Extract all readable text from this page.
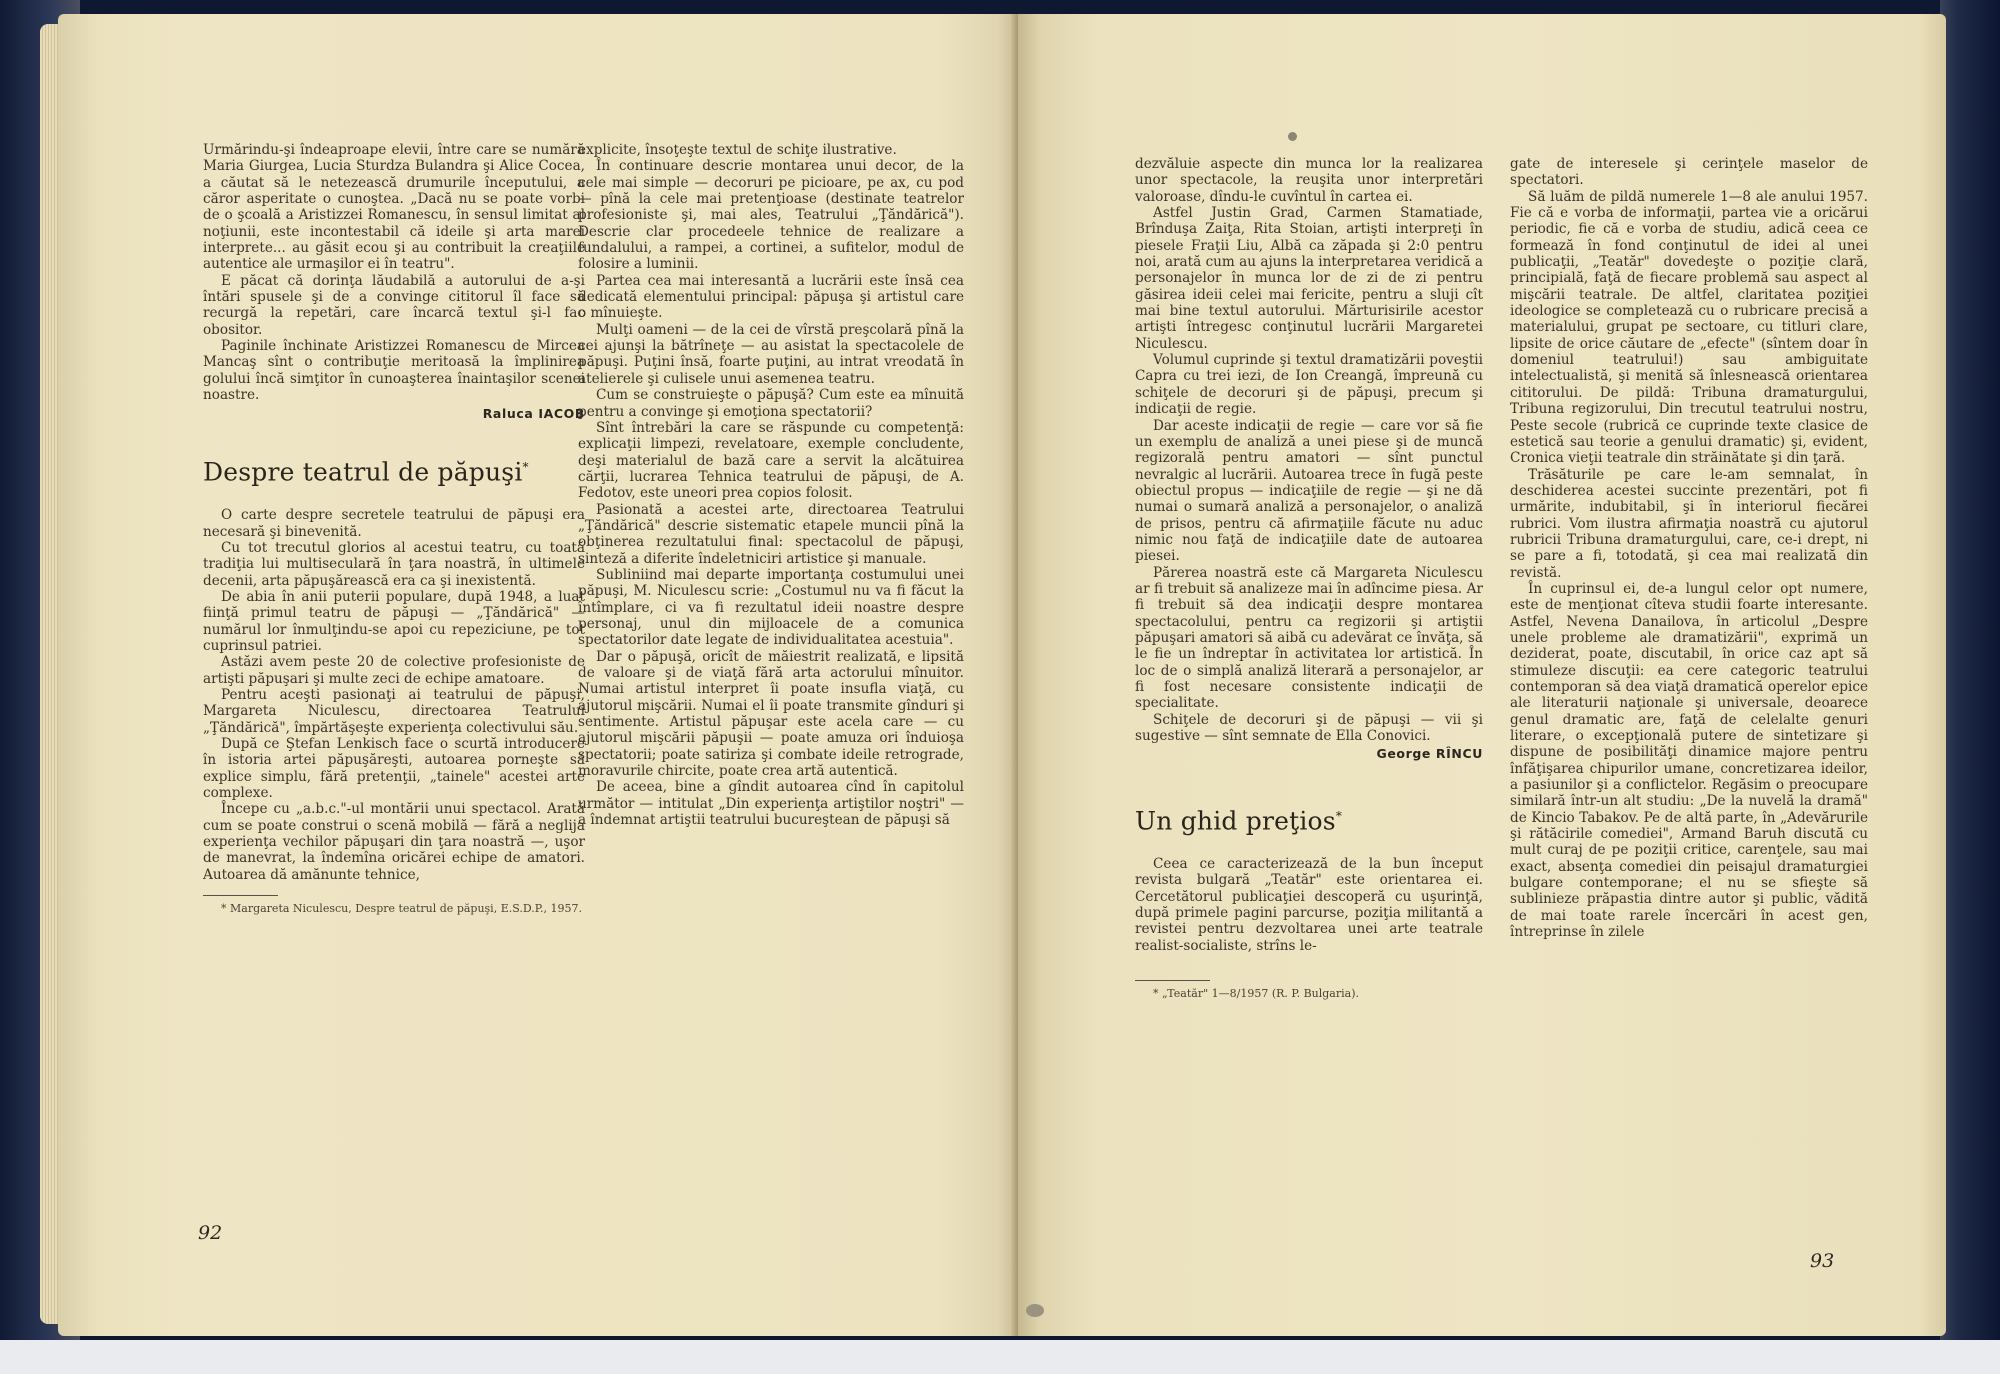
Urmărindu-şi îndeaproape elevii, între care se numără Maria Giurgea, Lucia Sturdza Bulandra şi Alice Cocea, a căutat să le netezească drumurile începutului, a căror asperitate o cunoştea. „Dacă nu se poate vorbi de o şcoală a Aristizzei Romanescu, în sensul limitat al noţiunii, este incontestabil că ideile şi arta marei interprete... au găsit ecou şi au contribuit la creaţiile autentice ale urmaşilor ei în teatru".

E păcat că dorinţa lăudabilă a autorului de a-şi întări spusele şi de a convinge cititorul îl face să recurgă la repetări, care încarcă textul şi-l fac obositor.

Paginile închinate Aristizzei Romanescu de Mircea Mancaş sînt o contribuţie meritoasă la împlinirea golului încă simţitor în cunoaşterea înaintaşilor scenei noastre.

Raluca IACOB
Despre teatrul de păpuşi*

O carte despre secretele teatrului de păpuşi era necesară şi binevenită.

Cu tot trecutul glorios al acestui teatru, cu toată tradiţia lui multiseculară în ţara noastră, în ultimele decenii, arta păpuşărească era ca şi inexistentă.

De abia în anii puterii populare, după 1948, a luat fiinţă primul teatru de păpuşi — „Ţăndărică" — numărul lor înmulţindu-se apoi cu repeziciune, pe tot cuprinsul patriei.

Astăzi avem peste 20 de colective profesioniste de artişti păpuşari şi multe zeci de echipe amatoare.

Pentru aceşti pasionaţi ai teatrului de păpuşi, Margareta Niculescu, directoarea Teatrului „Ţăndărică", împărtăşeşte experienţa colectivului său.

După ce Ştefan Lenkisch face o scurtă introducere în istoria artei păpuşăreşti, autoarea porneşte să explice simplu, fără pretenţii, „tainele" acestei arte complexe.

Începe cu „a.b.c."-ul montării unui spectacol. Arată cum se poate construi o scenă mobilă — fără a neglija experienţa vechilor păpuşari din ţara noastră —, uşor de manevrat, la îndemîna oricărei echipe de amatori. Autoarea dă amănunte tehnice,

* Margareta Niculescu, Despre teatrul de păpuşi, E.S.D.P., 1957.

explicite, însoţeşte textul de schiţe ilustrative.

În continuare descrie montarea unui decor, de la cele mai simple — decoruri pe picioare, pe ax, cu pod — pînă la cele mai pretenţioase (destinate teatrelor profesioniste şi, mai ales, Teatrului „Ţăndărică"). Descrie clar procedeele tehnice de realizare a fundalului, a rampei, a cortinei, a sufitelor, modul de folosire a luminii.

Partea cea mai interesantă a lucrării este însă cea dedicată elementului principal: păpuşa şi artistul care o mînuieşte.

Mulţi oameni — de la cei de vîrstă preşcolară pînă la cei ajunşi la bătrîneţe — au asistat la spectacolele de păpuşi. Puţini însă, foarte puţini, au intrat vreodată în atelierele şi culisele unui asemenea teatru.

Cum se construieşte o păpuşă? Cum este ea mînuită pentru a convinge şi emoţiona spectatorii?

Sînt întrebări la care se răspunde cu competenţă: explicaţii limpezi, revelatoare, exemple concludente, deşi materialul de bază care a servit la alcătuirea cărţii, lucrarea Tehnica teatrului de păpuşi, de A. Fedotov, este uneori prea copios folosit.

Pasionată a acestei arte, directoarea Teatrului „Ţăndărică" descrie sistematic etapele muncii pînă la obţinerea rezultatului final: spectacolul de păpuşi, sinteză a diferite îndeletniciri artistice şi manuale.

Subliniind mai departe importanţa costumului unei păpuşi, M. Niculescu scrie: „Costumul nu va fi făcut la întîmplare, ci va fi rezultatul ideii noastre despre personaj, unul din mijloacele de a comunica spectatorilor date legate de individualitatea acestuia".

Dar o păpuşă, oricît de măiestrit realizată, e lipsită de valoare şi de viaţă fără arta actorului mînuitor. Numai artistul interpret îi poate insufla viaţă, cu ajutorul mişcării. Numai el îi poate transmite gînduri şi sentimente. Artistul păpuşar este acela care — cu ajutorul mişcării păpuşii — poate amuza ori înduioşa spectatorii; poate satiriza şi combate ideile retrograde, moravurile chircite, poate crea artă autentică.

De aceea, bine a gîndit autoarea cînd în capitolul următor — intitulat „Din experienţa artiştilor noştri" — a îndemnat artiştii teatrului bucureştean de păpuşi să

92

dezvăluie aspecte din munca lor la realizarea unor spectacole, la reuşita unor interpretări valoroase, dîndu-le cuvîntul în cartea ei.

Astfel Justin Grad, Carmen Stamatiade, Brînduşa Zaiţa, Rita Stoian, artişti interpreţi în piesele Fraţii Liu, Albă ca zăpada şi 2:0 pentru noi, arată cum au ajuns la interpretarea veridică a personajelor în munca lor de zi de zi pentru găsirea ideii celei mai fericite, pentru a sluji cît mai bine textul autorului. Mărturisirile acestor artişti întregesc conţinutul lucrării Margaretei Niculescu.

Volumul cuprinde şi textul dramatizării poveştii Capra cu trei iezi, de Ion Creangă, împreună cu schiţele de decoruri şi de păpuşi, precum şi indicaţii de regie.

Dar aceste indicaţii de regie — care vor să fie un exemplu de analiză a unei piese şi de muncă regizorală pentru amatori — sînt punctul nevralgic al lucrării. Autoarea trece în fugă peste obiectul propus — indicaţiile de regie — şi ne dă numai o sumară analiză a personajelor, o analiză de prisos, pentru că afirmaţiile făcute nu aduc nimic nou faţă de indicaţiile date de autoarea piesei.

Părerea noastră este că Margareta Niculescu ar fi trebuit să analizeze mai în adîncime piesa. Ar fi trebuit să dea indicaţii despre montarea spectacolului, pentru ca regizorii şi artiştii păpuşari amatori să aibă cu adevărat ce învăţa, să le fie un îndreptar în activitatea lor artistică. În loc de o simplă analiză literară a personajelor, ar fi fost necesare consistente indicaţii de specialitate.

Schiţele de decoruri şi de păpuşi — vii şi sugestive — sînt semnate de Ella Conovici.

George RÎNCU
Un ghid preţios*

Ceea ce caracterizează de la bun început revista bulgară „Teatăr" este orientarea ei. Cercetătorul publicaţiei descoperă cu uşurinţă, după primele pagini parcurse, poziţia militantă a revistei pentru dezvoltarea unei arte teatrale realist-socialiste, strîns le-

* „Teatăr" 1—8/1957 (R. P. Bulgaria).

gate de interesele şi cerinţele maselor de spectatori.

Să luăm de pildă numerele 1—8 ale anului 1957. Fie că e vorba de informaţii, partea vie a oricărui periodic, fie că e vorba de studiu, adică ceea ce formează în fond conţinutul de idei al unei publicaţii, „Teatăr" dovedeşte o poziţie clară, principială, faţă de fiecare problemă sau aspect al mişcării teatrale. De altfel, claritatea poziţiei ideologice se completează cu o rubricare precisă a materialului, grupat pe sectoare, cu titluri clare, lipsite de orice căutare de „efecte" (sîntem doar în domeniul teatrului!) sau ambiguitate intelectualistă, şi menită să înlesnească orientarea cititorului. De pildă: Tribuna dramaturgului, Tribuna regizorului, Din trecutul teatrului nostru, Peste secole (rubrică ce cuprinde texte clasice de estetică sau teorie a genului dramatic) şi, evident, Cronica vieţii teatrale din străinătate şi din ţară.

Trăsăturile pe care le-am semnalat, în deschiderea acestei succinte prezentări, pot fi urmărite, indubitabil, şi în interiorul fiecărei rubrici. Vom ilustra afirmaţia noastră cu ajutorul rubricii Tribuna dramaturgului, care, ce-i drept, ni se pare a fi, totodată, şi cea mai realizată din revistă.

În cuprinsul ei, de-a lungul celor opt numere, este de menţionat cîteva studii foarte interesante. Astfel, Nevena Danailova, în articolul „Despre unele probleme ale dramatizării", exprimă un deziderat, poate, discutabil, în orice caz apt să stimuleze discuţii: ea cere categoric teatrului contemporan să dea viaţă dramatică operelor epice ale literaturii naţionale şi universale, deoarece genul dramatic are, faţă de celelalte genuri literare, o excepţională putere de sintetizare şi dispune de posibilităţi dinamice majore pentru înfăţişarea chipurilor umane, concretizarea ideilor, a pasiunilor şi a conflictelor. Regăsim o preocupare similară într-un alt studiu: „De la nuvelă la dramă" de Kincio Tabakov. Pe de altă parte, în „Adevărurile şi rătăcirile comediei", Armand Baruh discută cu mult curaj de pe poziţii critice, carenţele, sau mai exact, absenţa comediei din peisajul dramaturgiei bulgare contemporane; el nu se sfieşte să sublinieze prăpastia dintre autor şi public, vădită de mai toate rarele încercări în acest gen, întreprinse în zilele

93
